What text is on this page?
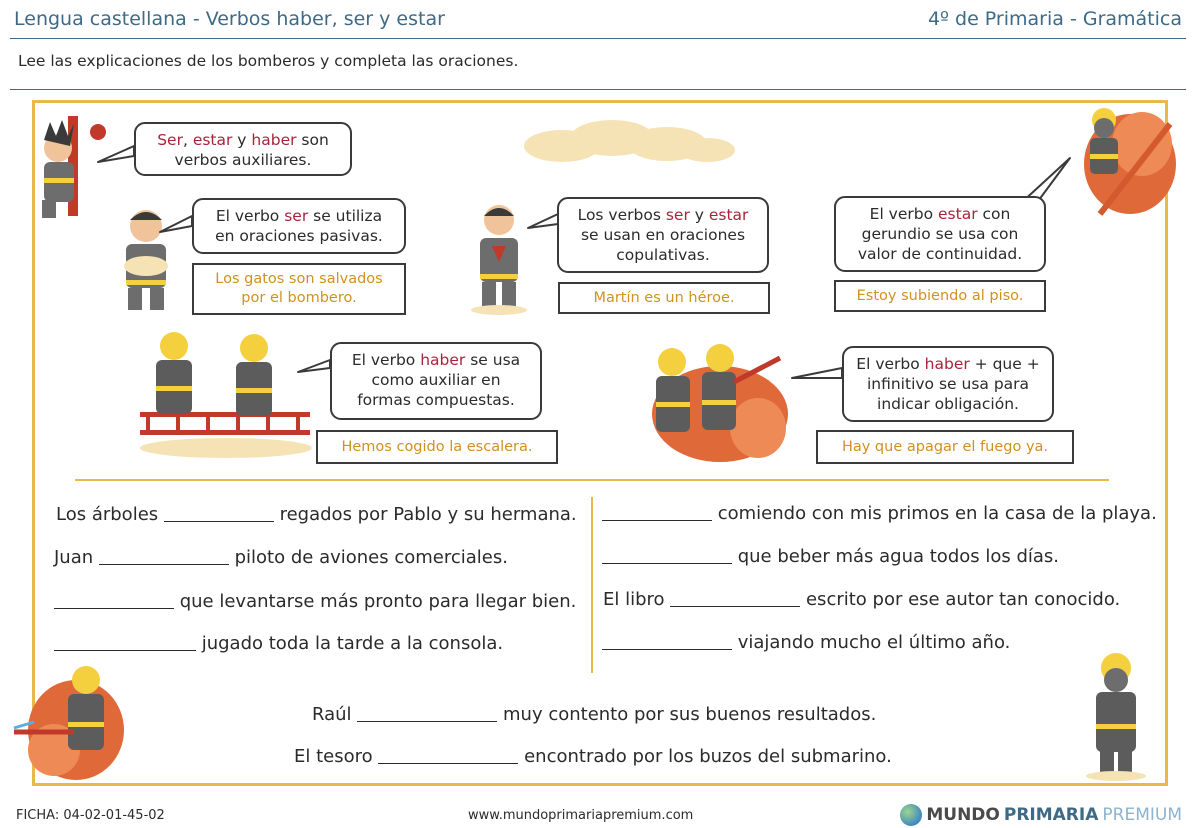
Lengua castellana - Verbos haber, ser y estar	4º de Primaria - Gramática
Lee las explicaciones de los bomberos y completa las oraciones.
Ser, estar y haber son
verbos auxiliares.
El verbo ser se utiliza
en oraciones pasivas.
Los gatos son salvados
por el bombero.
Los verbos ser y estar
se usan en oraciones
copulativas.
Martín es un héroe.
El verbo estar con
gerundio se usa con
valor de continuidad.
Estoy subiendo al piso.
El verbo haber se usa
como auxiliar en
formas compuestas.
Hemos cogido la escalera.
El verbo haber + que +
infinitivo se usa para
indicar obligación.
Hay que apagar el fuego ya.
Los árboles	regados por Pablo y su hermana.
Juan	piloto de aviones comerciales.
que levantarse más pronto para llegar bien.
jugado toda la tarde a la consola.
comiendo con mis primos en la casa de la playa.
que beber más agua todos los días.
El libro	escrito por ese autor tan conocido.
viajando mucho el último año.
Raúl	muy contento por sus buenos resultados.
El tesoro	encontrado por los buzos del submarino.
FICHA: 04-02-01-45-02	www.mundoprimariapremium.com	MUNDO PRIMARIA PREMIUM
